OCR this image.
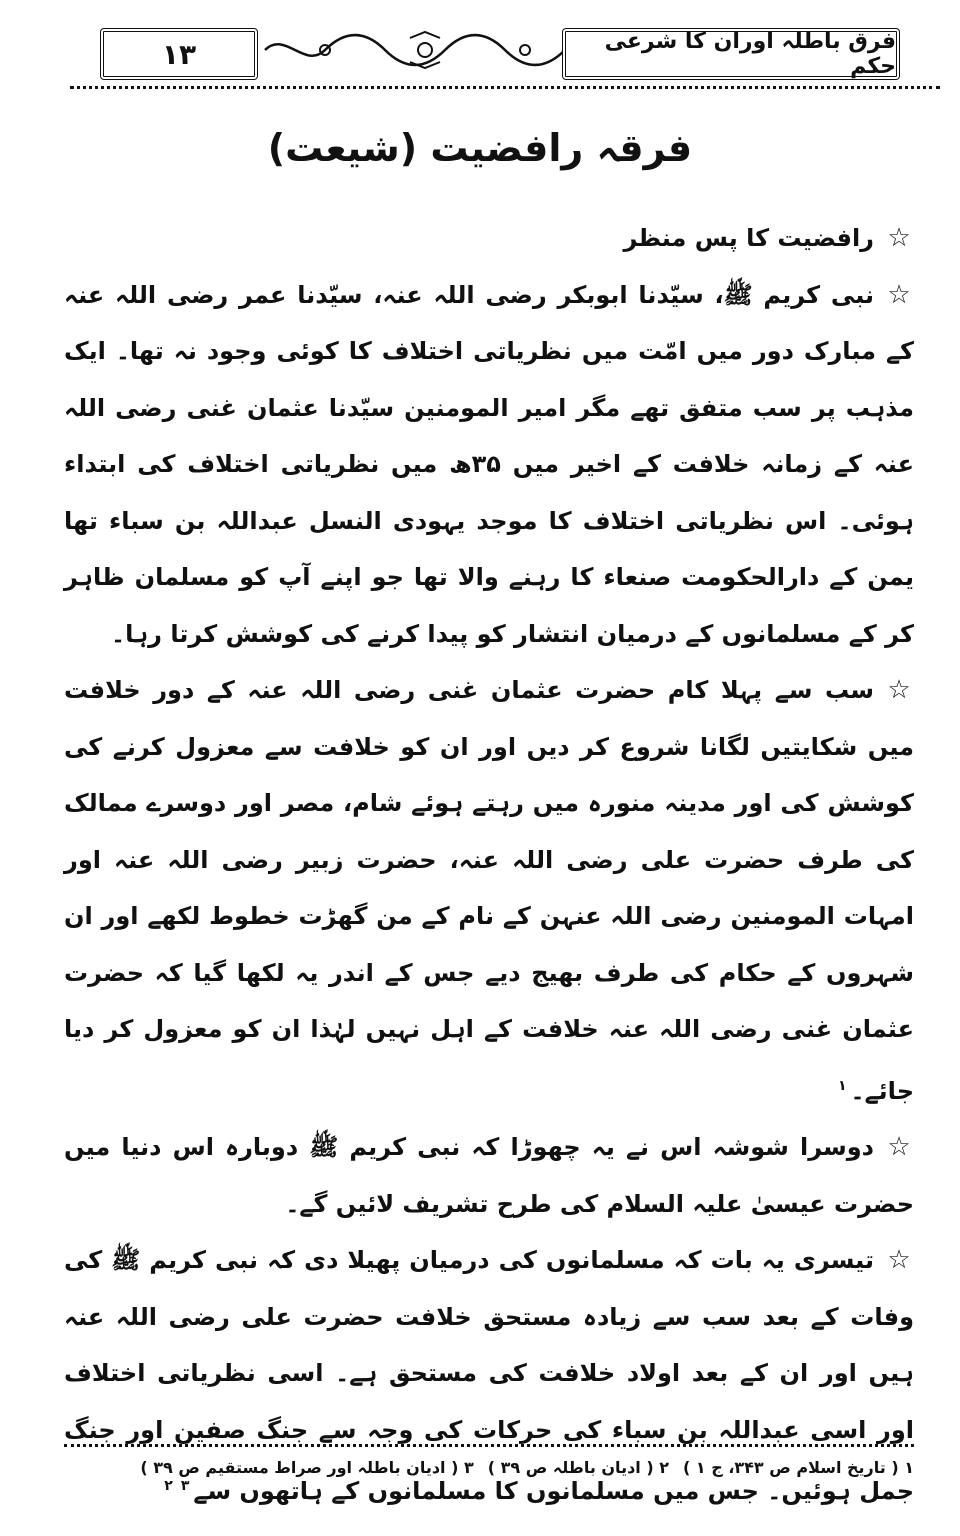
۱۳	فرق باطلہ اوران کا شرعی حکم
فرقہ رافضیت (شیعت)

☆رافضیت کا پس منظر

☆نبی کریم ﷺ، سیّدنا ابوبکر رضی اللہ عنہ، سیّدنا عمر رضی اللہ عنہ کے مبارک دور میں امّت میں نظریاتی اختلاف کا کوئی وجود نہ تھا۔ ایک مذہب پر سب متفق تھے مگر امیر المومنین سیّدنا عثمان غنی رضی اللہ عنہ کے زمانہ خلافت کے اخیر میں ۳۵ھ میں نظریاتی اختلاف کی ابتداء ہوئی۔ اس نظریاتی اختلاف کا موجد یہودی النسل عبداللہ بن سباء تھا یمن کے دارالحکومت صنعاء کا رہنے والا تھا جو اپنے آپ کو مسلمان ظاہر کر کے مسلمانوں کے درمیان انتشار کو پیدا کرنے کی کوشش کرتا رہا۔

☆سب سے پہلا کام حضرت عثمان غنی رضی اللہ عنہ کے دور خلافت میں شکایتیں لگانا شروع کر دیں اور ان کو خلافت سے معزول کرنے کی کوشش کی اور مدینہ منورہ میں رہتے ہوئے شام، مصر اور دوسرے ممالک کی طرف حضرت علی رضی اللہ عنہ، حضرت زبیر رضی اللہ عنہ اور امہات المومنین رضی اللہ عنہن کے نام کے من گھڑت خطوط لکھے اور ان شہروں کے حکام کی طرف بھیج دیے جس کے اندر یہ لکھا گیا کہ حضرت عثمان غنی رضی اللہ عنہ خلافت کے اہل نہیں لہٰذا ان کو معزول کر دیا جائے۔$^۱$

☆دوسرا شوشہ اس نے یہ چھوڑا کہ نبی کریم ﷺ دوبارہ اس دنیا میں حضرت عیسیٰ علیہ السلام کی طرح تشریف لائیں گے۔

☆تیسری یہ بات کہ مسلمانوں کی درمیان پھیلا دی کہ نبی کریم ﷺ کی وفات کے بعد سب سے زیادہ مستحق خلافت حضرت علی رضی اللہ عنہ ہیں اور ان کے بعد اولاد خلافت کی مستحق ہے۔ اسی نظریاتی اختلاف اور اسی عبداللہ بن سباء کی حرکات کی وجہ سے جنگ صفین اور جنگ جمل ہوئیں۔ جس میں مسلمانوں کا مسلمانوں کے ہاتھوں سے$^۲$ $^۳$

۱ ( تاریخ اسلام ص ۳۴۳، ج ۱ )
۲ ( ادیان باطلہ ص ۳۹ )
۳ ( ادیان باطلہ اور صراط مستقیم ص ۳۹ )
